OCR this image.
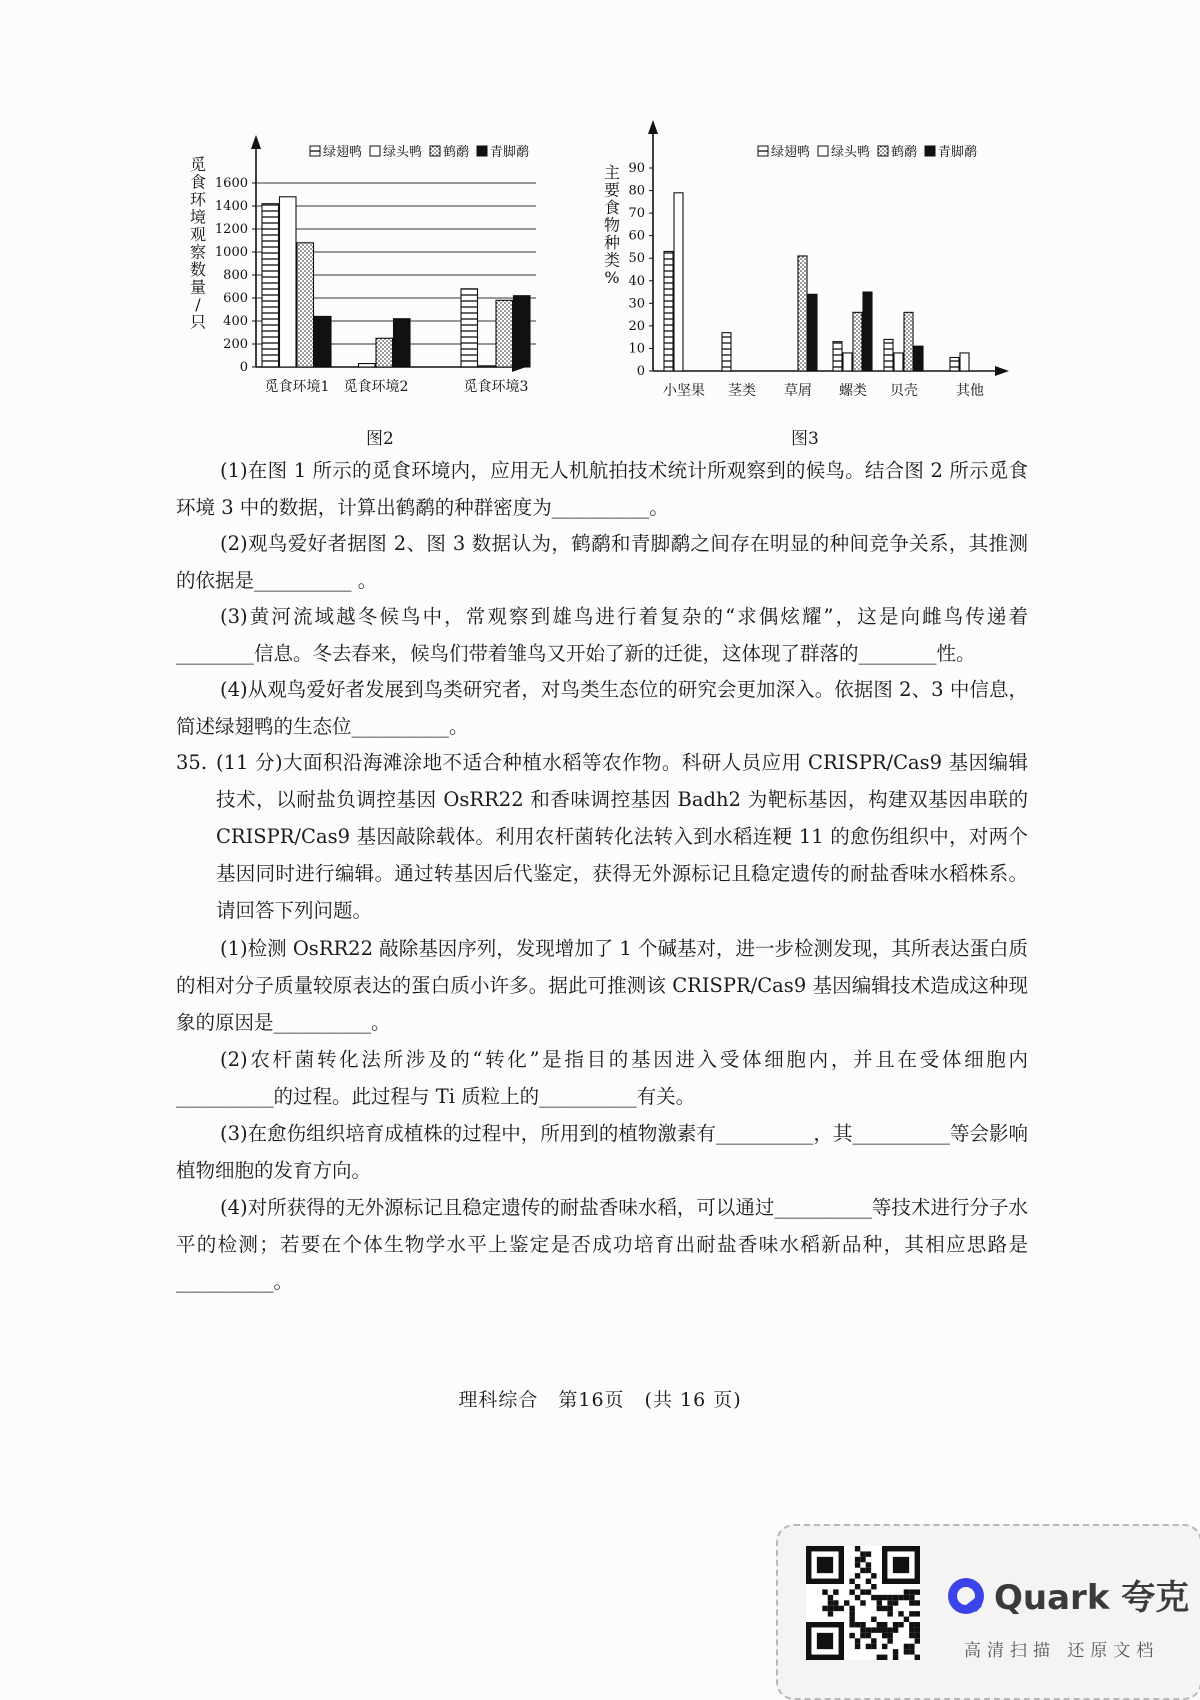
0
200
400
600
800
1000
1200
1400
1600
觅食环境1 觅食环境2	觅食环境3
绿翅鸭 绿头鸭 鹤鹬 青脚鹬
觅
食
环
境
观
察
数
量
/
只
图2
0
10
20
30
40
50
60
70
80
90
小坚果 茎类 草屑 螺类 贝壳	其他
绿翅鸭 绿头鸭 鹤鹬 青脚鹬
主
要
食
物
种
类
%
图3
(1)在图 1 所示的觅食环境内，应用无人机航拍技术统计所观察到的候鸟。结合图 2 所示觅食环境 3 中的数据，计算出鹤鹬的种群密度为__________。
(2)观鸟爱好者据图 2、图 3 数据认为，鹤鹬和青脚鹬之间存在明显的种间竞争关系，其推测的依据是__________ 。
(3)黄河流域越冬候鸟中，常观察到雄鸟进行着复杂的“求偶炫耀”，这是向雌鸟传递着________信息。冬去春来，候鸟们带着雏鸟又开始了新的迁徙，这体现了群落的________性。
(4)从观鸟爱好者发展到鸟类研究者，对鸟类生态位的研究会更加深入。依据图 2、3 中信息，简述绿翅鸭的生态位__________。
35. (11 分)大面积沿海滩涂地不适合种植水稻等农作物。科研人员应用 CRISPR/Cas9 基因编辑技术，以耐盐负调控基因 OsRR22 和香味调控基因 Badh2 为靶标基因，构建双基因串联的 CRISPR/Cas9 基因敲除载体。利用农杆菌转化法转入到水稻连粳 11 的愈伤组织中，对两个基因同时进行编辑。通过转基因后代鉴定，获得无外源标记且稳定遗传的耐盐香味水稻株系。请回答下列问题。
(1)检测 OsRR22 敲除基因序列，发现增加了 1 个碱基对，进一步检测发现，其所表达蛋白质的相对分子质量较原表达的蛋白质小许多。据此可推测该 CRISPR/Cas9 基因编辑技术造成这种现象的原因是__________。
(2)农杆菌转化法所涉及的“转化”是指目的基因进入受体细胞内，并且在受体细胞内__________的过程。此过程与 Ti 质粒上的__________有关。
(3)在愈伤组织培育成植株的过程中，所用到的植物激素有__________，其__________等会影响植物细胞的发育方向。
(4)对所获得的无外源标记且稳定遗传的耐盐香味水稻，可以通过__________等技术进行分子水平的检测；若要在个体生物学水平上鉴定是否成功培育出耐盐香味水稻新品种，其相应思路是__________。
理科综合　第16页　(共 16 页)
Quark 夸克
高清扫描 还原文档
